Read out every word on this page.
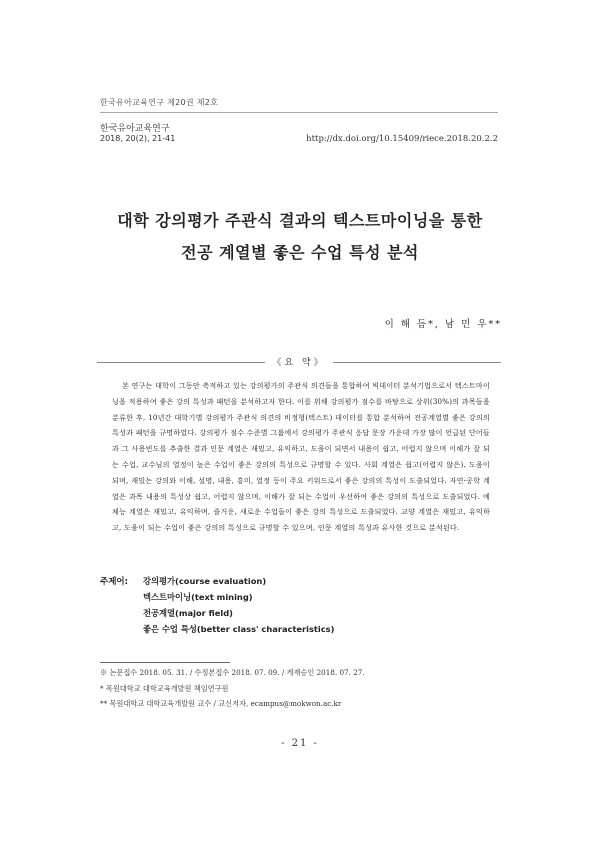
한국유아교육연구 제20권 제2호
한국유아교육연구
2018, 20(2), 21-41	http://dx.doi.org/10.15409/riece.2018.20.2.2
대학 강의평가 주관식 결과의 텍스트마이닝을 통한
전공 계열별 좋은 수업 특성 분석
이 해 듬*, 남 민 우**
《요 약》

본 연구는 대학이 그동안 축적하고 있는 강의평가의 주관식 의견들을 통합하여 빅데이터 분석기법으로서 텍스트마이닝을 적용하여 좋은 강의 특성과 패턴을 분석하고자 한다. 이를 위해 강의평가 점수를 바탕으로 상위(30%)의 과목들을 분류한 후, 10년간 대학기별 강의평가 주관식 의견의 비정형(텍스트) 데이터를 통합 분석하여 전공계열별 좋은 강의의 특성과 패턴을 규명하였다. 강의평가 점수 수준별 그룹에서 강의평가 주관식 응답 문장 가운데 가장 많이 언급된 단어들과 그 사용빈도를 추출한 결과 인문 계열은 재밌고, 유익하고, 도움이 되면서 내용이 쉽고, 어렵지 않으며 이해가 잘 되는 수업, 교수님의 열정이 높은 수업이 좋은 강의의 특성으로 규명할 수 있다. 사회 계열은 쉽고(어렵지 않은), 도움이 되며, 재밌는 강의와 이해, 설명, 내용, 흥미, 열정 등이 주요 키워드로서 좋은 강의의 특성이 도출되었다. 자연·공학 계열은 과목 내용의 특성상 쉽고, 어렵지 않으며, 이해가 잘 되는 수업이 우선하여 좋은 강의의 특성으로 도출되었다. 예체능 계열은 재밌고, 유익하며, 즐거운, 새로운 수업들이 좋은 강의 특성으로 도출되었다. 교양 계열은 재밌고, 유익하고, 도움이 되는 수업이 좋은 강의의 특성으로 규명할 수 있으며, 인문 계열의 특성과 유사한 것으로 분석된다.

주제어: 강의평가(course evaluation)
텍스트마이닝(text mining)
전공계열(major field)
좋은 수업 특성(better class' characteristics)
※ 논문접수 2018. 05. 31. / 수정본접수 2018. 07. 09. / 게재승인 2018. 07. 27.
* 목원대학교 대학교육개발원 책임연구원
** 목원대학교 대학교육개발원 교수 / 교신저자, ecampus@mokwon.ac.kr
- 21 -
